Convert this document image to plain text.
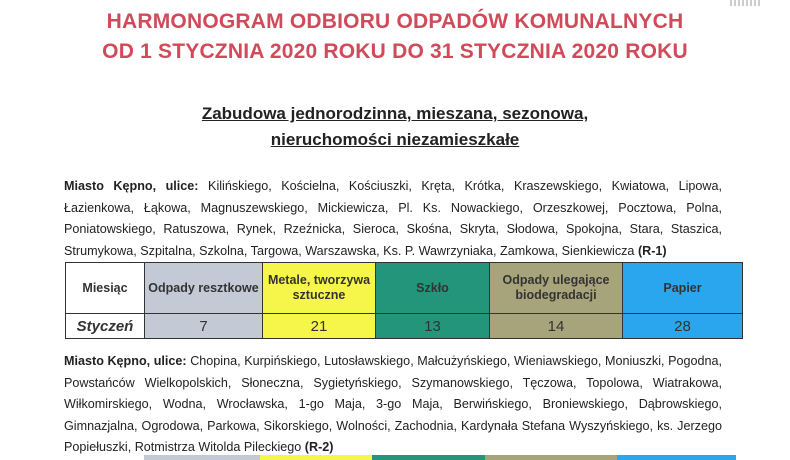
HARMONOGRAM ODBIORU ODPADÓW KOMUNALNYCH
OD 1 STYCZNIA 2020 ROKU DO 31 STYCZNIA 2020 ROKU
Zabudowa jednorodzinna, mieszana, sezonowa,
nieruchomości niezamieszkałe

Miasto Kępno, ulice: Kilińskiego, Kościelna, Kościuszki, Kręta, Krótka, Kraszewskiego, Kwiatowa, Lipowa, Łazienkowa, Łąkowa, Magnuszewskiego, Mickiewicza, Pl. Ks. Nowackiego, Orzeszkowej, Pocztowa, Polna, Poniatowskiego, Ratuszowa, Rynek, Rzeźnicka, Sieroca, Skośna, Skryta, Słodowa, Spokojna, Stara, Staszica, Strumykowa, Szpitalna, Szkolna, Targowa, Warszawska, Ks. P. Wawrzyniaka, Zamkowa, Sienkiewicza (R-1)

Miesiąc	Odpady resztkowe	Metale, tworzywa sztuczne	Szkło	Odpady ulegające biodegradacji	Papier
Styczeń	7	21	13	14	28

Miasto Kępno, ulice: Chopina, Kurpińskiego, Lutosławskiego, Małcużyńskiego, Wieniawskiego, Moniuszki, Pogodna, Powstańców Wielkopolskich, Słoneczna, Sygietyńskiego, Szymanowskiego, Tęczowa, Topolowa, Wiatrakowa, Wiłkomirskiego, Wodna, Wrocławska, 1-go Maja, 3-go Maja, Berwińskiego, Broniewskiego, Dąbrowskiego, Gimnazjalna, Ogrodowa, Parkowa, Sikorskiego, Wolności, Zachodnia, Kardynała Stefana Wyszyńskiego, ks. Jerzego Popiełuszki, Rotmistrza Witolda Pileckiego (R-2)
